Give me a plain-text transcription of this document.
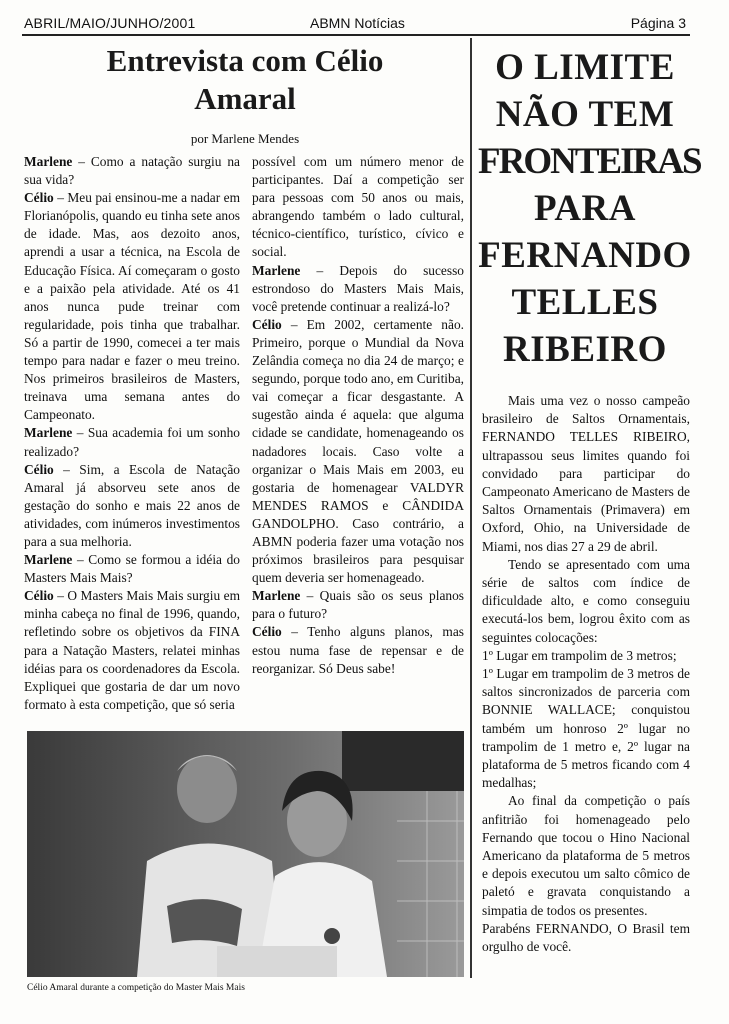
ABRIL/MAIO/JUNHO/2001	ABMN Notícias	Página 3
Entrevista com Célio
Amaral
por Marlene Mendes

Marlene – Como a natação surgiu na sua vida?

Célio – Meu pai ensinou-me a nadar em Florianópolis, quando eu tinha sete anos de idade. Mas, aos dezoito anos, aprendi a usar a técnica, na Escola de Educação Física. Aí começaram o gosto e a paixão pela atividade. Até os 41 anos nunca pude treinar com regularidade, pois tinha que trabalhar. Só a partir de 1990, comecei a ter mais tempo para nadar e fazer o meu treino. Nos primeiros brasileiros de Masters, treinava uma semana antes do Campeonato.

Marlene – Sua academia foi um sonho realizado?

Célio – Sim, a Escola de Natação Amaral já absorveu sete anos de gestação do sonho e mais 22 anos de atividades, com inúmeros investimentos para a sua melhoria.

Marlene – Como se formou a idéia do Masters Mais Mais?

Célio – O Masters Mais Mais surgiu em minha cabeça no final de 1996, quando, refletindo sobre os objetivos da FINA para a Natação Masters, relatei minhas idéias para os coordenadores da Escola. Expliquei que gostaria de dar um novo formato à esta competição, que só seria

possível com um número menor de participantes. Daí a competição ser para pessoas com 50 anos ou mais, abrangendo também o lado cultural, técnico-científico, turístico, cívico e social.

Marlene – Depois do sucesso estrondoso do Masters Mais Mais, você pretende continuar a realizá-lo?

Célio – Em 2002, certamente não. Primeiro, porque o Mundial da Nova Zelândia começa no dia 24 de março; e segundo, porque todo ano, em Curitiba, vai começar a ficar desgastante. A sugestão ainda é aquela: que alguma cidade se candidate, homenageando os nadadores locais. Caso volte a organizar o Mais Mais em 2003, eu gostaria de homenagear VALDYR MENDES RAMOS e CÂNDIDA GANDOLPHO. Caso contrário, a ABMN poderia fazer uma votação nos próximos brasileiros para pesquisar quem deveria ser homenageado.

Marlene – Quais são os seus planos para o futuro?

Célio – Tenho alguns planos, mas estou numa fase de repensar e de reorganizar. Só Deus sabe!

Célio Amaral durante a competição do Master Mais Mais
O LIMITE
NÃO TEM
FRONTEIRAS
PARA
FERNANDO
TELLES
RIBEIRO

Mais uma vez o nosso campeão brasileiro de Saltos Ornamentais, FERNANDO TELLES RIBEIRO, ultrapassou seus limites quando foi convidado para participar do Campeonato Americano de Masters de Saltos Ornamentais (Primavera) em Oxford, Ohio, na Universidade de Miami, nos dias 27 a 29 de abril.

Tendo se apresentado com uma série de saltos com índice de dificuldade alto, e como conseguiu executá-los bem, logrou êxito com as seguintes colocações:

1º Lugar em trampolim de 3 metros;

1º Lugar em trampolim de 3 metros de saltos sincronizados de parceria com BONNIE WALLACE; conquistou também um honroso 2º lugar no trampolim de 1 metro e, 2º lugar na plataforma de 5 metros ficando com 4 medalhas;

Ao final da competição o país anfitrião foi homenageado pelo Fernando que tocou o Hino Nacional Americano da plataforma de 5 metros e depois executou um salto cômico de paletó e gravata conquistando a simpatia de todos os presentes.

Parabéns FERNANDO, O Brasil tem orgulho de você.
